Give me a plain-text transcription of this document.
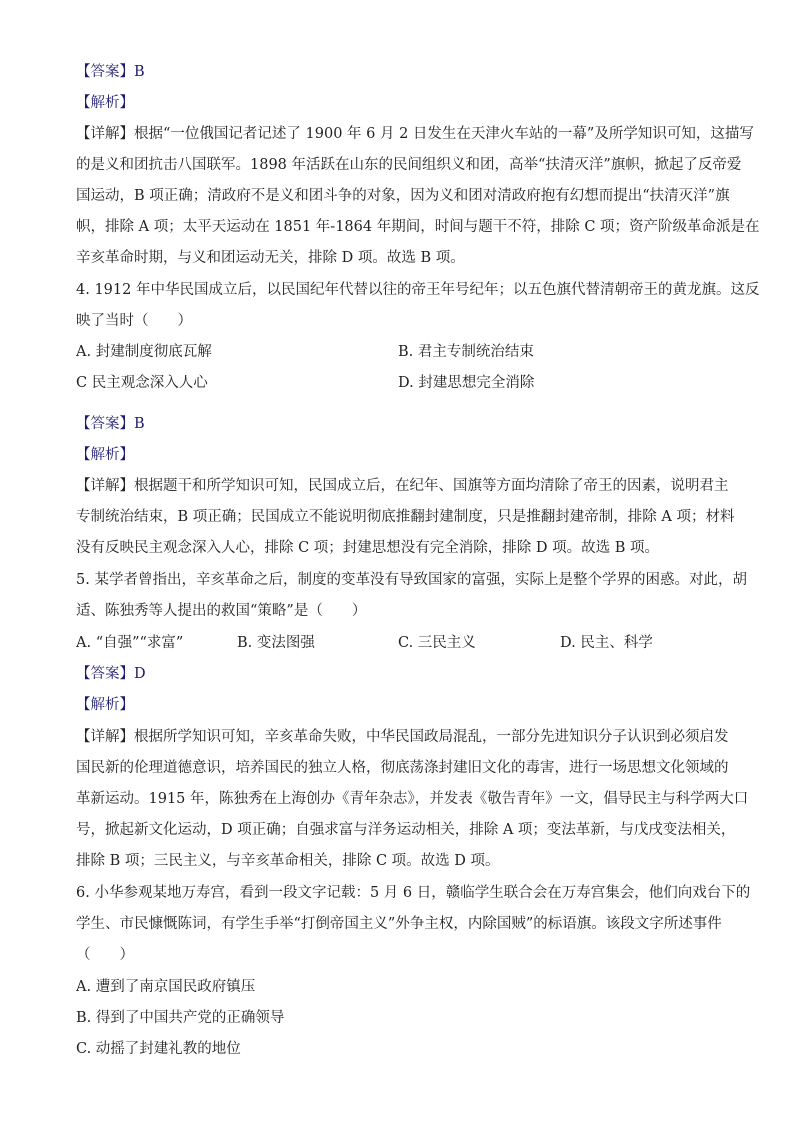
【答案】B
【解析】
【详解】根据“一位俄国记者记述了 1900 年 6 月 2 日发生在天津火车站的一幕”及所学知识可知，这描写
的是义和团抗击八国联军。1898 年活跃在山东的民间组织义和团，高举“扶清灭洋”旗帜，掀起了反帝爱
国运动，B 项正确；清政府不是义和团斗争的对象，因为义和团对清政府抱有幻想而提出“扶清灭洋”旗
帜，排除 A 项；太平天运动在 1851 年-1864 年期间，时间与题干不符，排除 C 项；资产阶级革命派是在
辛亥革命时期，与义和团运动无关，排除 D 项。故选 B 项。
4. 1912 年中华民国成立后，以民国纪年代替以往的帝王年号纪年；以五色旗代替清朝帝王的黄龙旗。这反
映了当时（　　）
A. 封建制度彻底瓦解	B. 君主专制统治结束
C 民主观念深入人心	D. 封建思想完全消除
【答案】B
【解析】
【详解】根据题干和所学知识可知，民国成立后，在纪年、国旗等方面均清除了帝王的因素，说明君主
专制统治结束，B 项正确；民国成立不能说明彻底推翻封建制度，只是推翻封建帝制，排除 A 项；材料
没有反映民主观念深入人心，排除 C 项；封建思想没有完全消除，排除 D 项。故选 B 项。
5. 某学者曾指出，辛亥革命之后，制度的变革没有导致国家的富强，实际上是整个学界的困惑。对此，胡
适、陈独秀等人提出的救国“策略”是（　　）
A. “自强”“求富”	B. 变法图强	C. 三民主义	D. 民主、科学
【答案】D
【解析】
【详解】根据所学知识可知，辛亥革命失败，中华民国政局混乱，一部分先进知识分子认识到必须启发
国民新的伦理道德意识，培养国民的独立人格，彻底荡涤封建旧文化的毒害，进行一场思想文化领域的
革新运动。1915 年，陈独秀在上海创办《青年杂志》，并发表《敬告青年》一文，倡导民主与科学两大口
号，掀起新文化运动，D 项正确；自强求富与洋务运动相关，排除 A 项；变法革新，与戊戌变法相关，
排除 B 项；三民主义，与辛亥革命相关，排除 C 项。故选 D 项。
6. 小华参观某地万寿宫，看到一段文字记载：5 月 6 日，赣临学生联合会在万寿宫集会，他们向戏台下的
学生、市民慷慨陈词，有学生手举“打倒帝国主义”外争主权，内除国贼”的标语旗。该段文字所述事件
（　　）
A. 遭到了南京国民政府镇压
B. 得到了中国共产党的正确领导
C. 动摇了封建礼教的地位
